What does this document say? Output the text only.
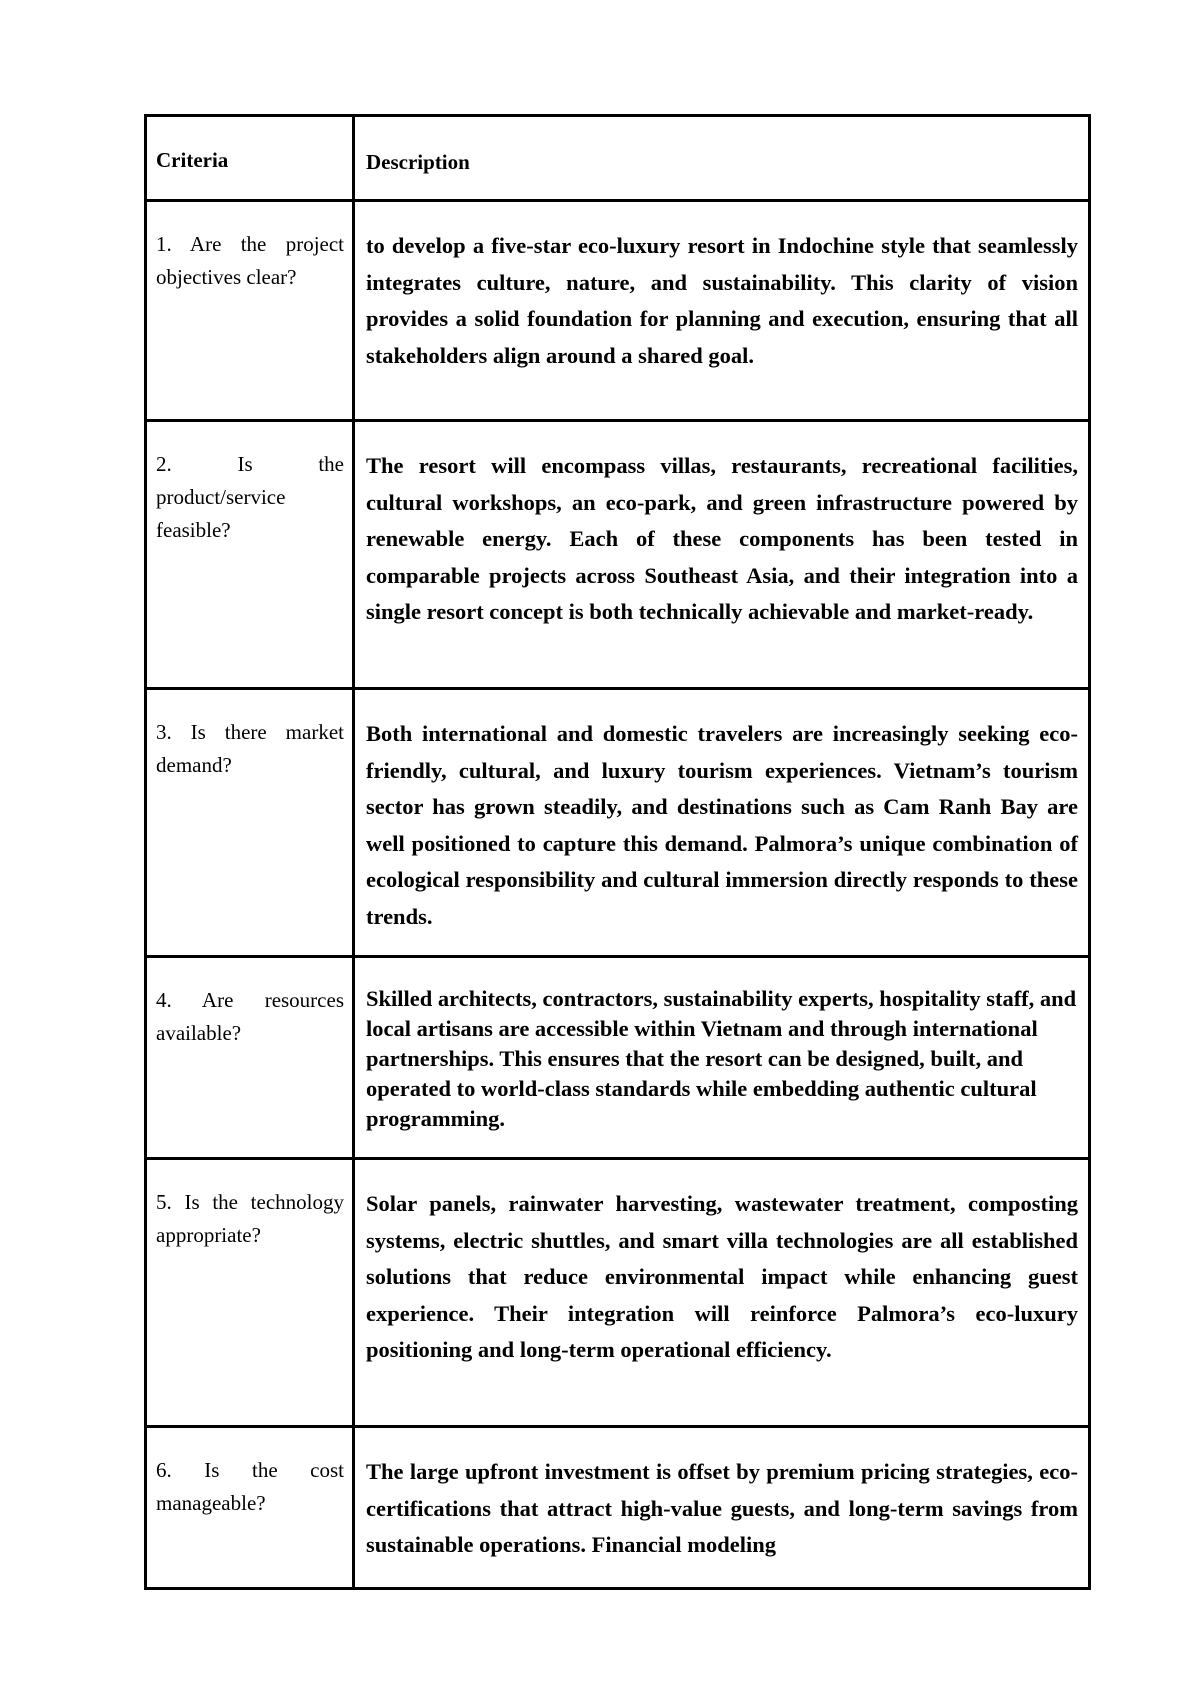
Criteria	Description

1. Are the project objectives clear?	to develop a five-star eco-luxury resort in Indochine style that seamlessly integrates culture, nature, and sustainability. This clarity of vision provides a solid foundation for planning and execution, ensuring that all stakeholders align around a shared goal.

2. Is the product/service feasible?	The resort will encompass villas, restaurants, recreational facilities, cultural workshops, an eco-park, and green infrastructure powered by renewable energy. Each of these components has been tested in comparable projects across Southeast Asia, and their integration into a single resort concept is both technically achievable and market-ready.

3. Is there market demand?	Both international and domestic travelers are increasingly seeking eco-friendly, cultural, and luxury tourism experiences. Vietnam’s tourism sector has grown steadily, and destinations such as Cam Ranh Bay are well positioned to capture this demand. Palmora’s unique combination of ecological responsibility and cultural immersion directly responds to these trends.

4. Are resources available?	Skilled architects, contractors, sustainability experts, hospitality staff, and local artisans are accessible within Vietnam and through international partnerships. This ensures that the resort can be designed, built, and operated to world-class standards while embedding authentic cultural programming.

5. Is the technology appropriate?	Solar panels, rainwater harvesting, wastewater treatment, composting systems, electric shuttles, and smart villa technologies are all established solutions that reduce environmental impact while enhancing guest experience. Their integration will reinforce Palmora’s eco-luxury positioning and long-term operational efficiency.

6. Is the cost manageable?	The large upfront investment is offset by premium pricing strategies, eco-certifications that attract high-value guests, and long-term savings from sustainable operations. Financial modeling
